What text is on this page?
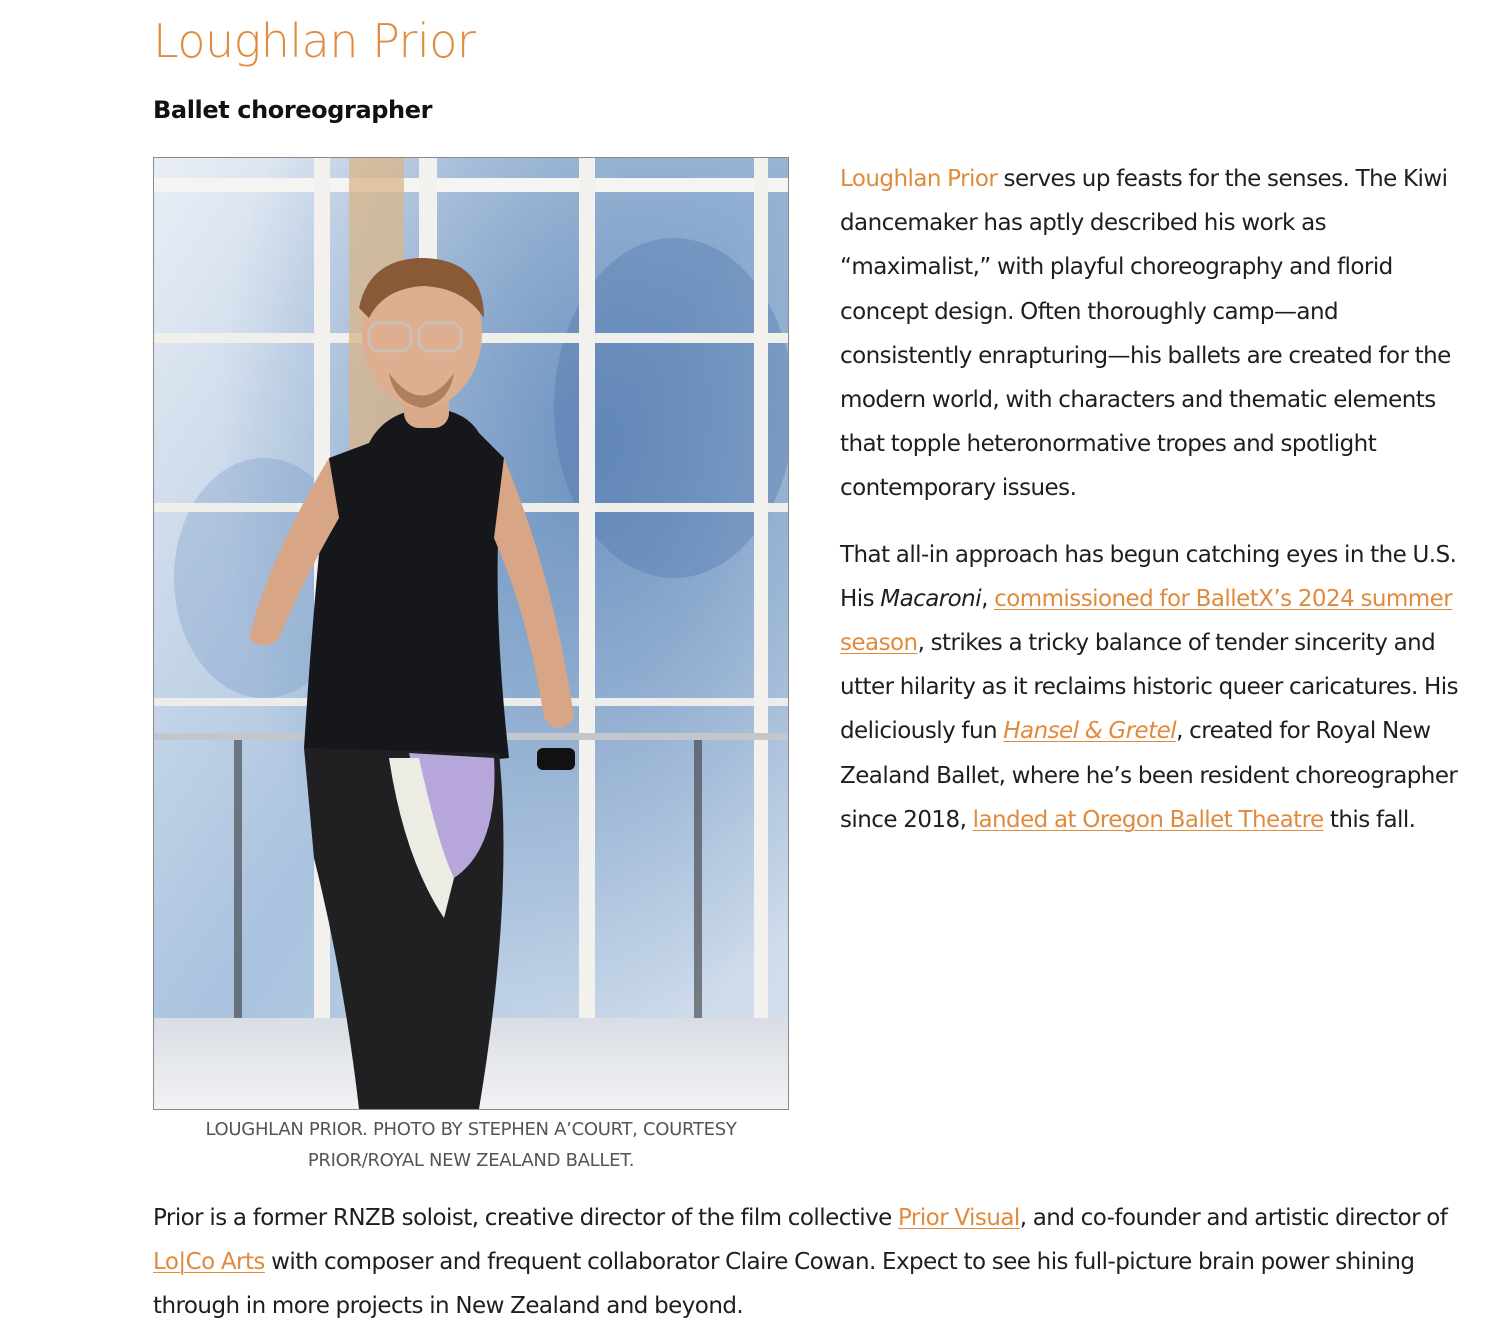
Loughlan Prior
Ballet choreographer
LOUGHLAN PRIOR. PHOTO BY STEPHEN A’COURT, COURTESY PRIOR/ROYAL NEW ZEALAND BALLET.

Loughlan Prior serves up feasts for the senses. The Kiwi dancemaker has aptly described his work as “maximalist,” with playful choreography and florid concept design. Often thoroughly camp—and consistently enrapturing—his ballets are created for the modern world, with characters and thematic elements that topple heteronormative tropes and spotlight contemporary issues.

That all-in approach has begun catching eyes in the U.S. His Macaroni, commissioned for BalletX’s 2024 summer season, strikes a tricky balance of tender sincerity and utter hilarity as it reclaims historic queer caricatures. His deliciously fun Hansel & Gretel, created for Royal New Zealand Ballet, where he’s been resident choreographer since 2018, landed at Oregon Ballet Theatre this fall.

Prior is a former RNZB soloist, creative director of the film collective Prior Visual, and co-founder and artistic director of Lo|Co Arts with composer and frequent collaborator Claire Cowan. Expect to see his full-picture brain power shining through in more projects in New Zealand and beyond.
